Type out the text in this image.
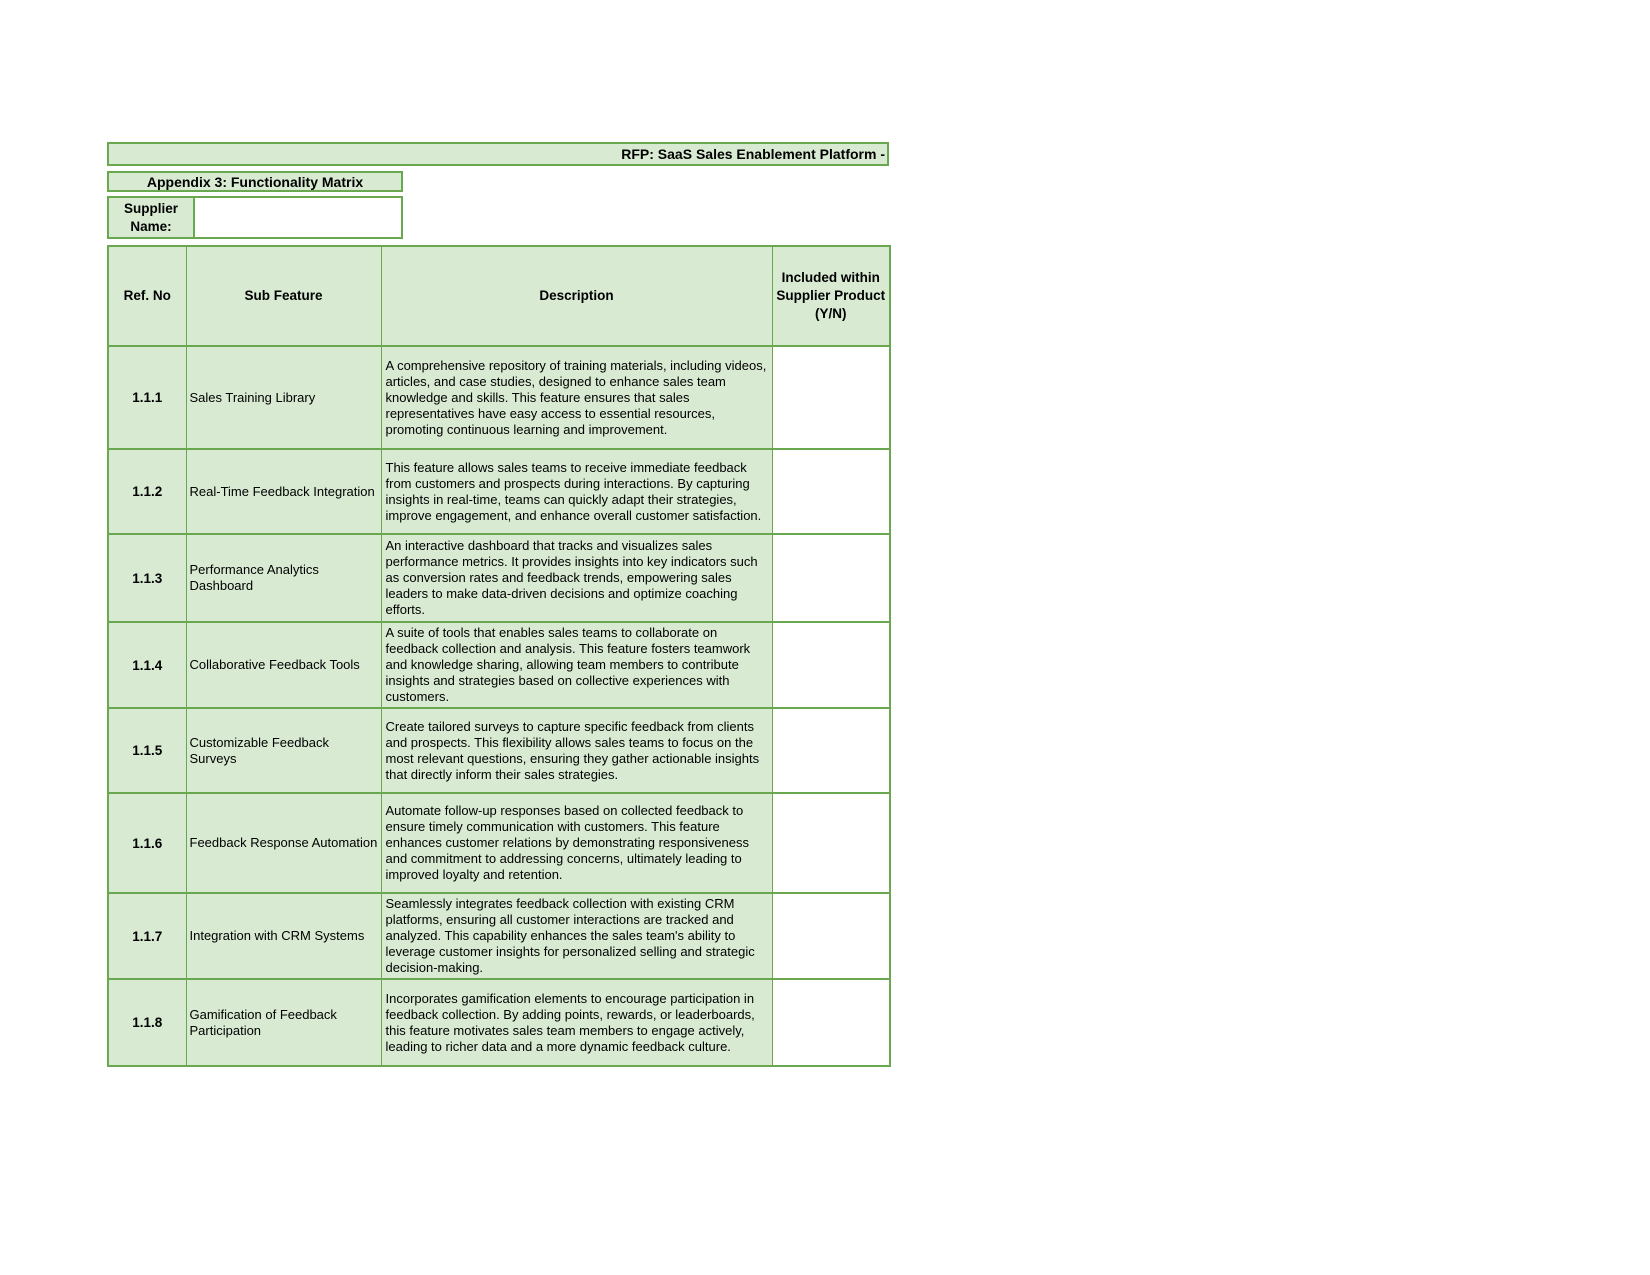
RFP: SaaS Sales Enablement Platform -
Appendix 3: Functionality Matrix
Supplier Name:
Ref. No	Sub Feature	Description	Included within Supplier Product (Y/N)
1.1.1	Sales Training Library	A comprehensive repository of training materials, including videos, articles, and case studies, designed to enhance sales team knowledge and skills. This feature ensures that sales representatives have easy access to essential resources, promoting continuous learning and improvement.	
1.1.2	Real-Time Feedback Integration	This feature allows sales teams to receive immediate feedback from customers and prospects during interactions. By capturing insights in real-time, teams can quickly adapt their strategies, improve engagement, and enhance overall customer satisfaction.	
1.1.3	Performance Analytics Dashboard	An interactive dashboard that tracks and visualizes sales performance metrics. It provides insights into key indicators such as conversion rates and feedback trends, empowering sales leaders to make data-driven decisions and optimize coaching efforts.	
1.1.4	Collaborative Feedback Tools	A suite of tools that enables sales teams to collaborate on feedback collection and analysis. This feature fosters teamwork and knowledge sharing, allowing team members to contribute insights and strategies based on collective experiences with customers.	
1.1.5	Customizable Feedback Surveys	Create tailored surveys to capture specific feedback from clients and prospects. This flexibility allows sales teams to focus on the most relevant questions, ensuring they gather actionable insights that directly inform their sales strategies.	
1.1.6	Feedback Response Automation	Automate follow-up responses based on collected feedback to ensure timely communication with customers. This feature enhances customer relations by demonstrating responsiveness and commitment to addressing concerns, ultimately leading to improved loyalty and retention.	
1.1.7	Integration with CRM Systems	Seamlessly integrates feedback collection with existing CRM platforms, ensuring all customer interactions are tracked and analyzed. This capability enhances the sales team's ability to leverage customer insights for personalized selling and strategic decision-making.	
1.1.8	Gamification of Feedback Participation	Incorporates gamification elements to encourage participation in feedback collection. By adding points, rewards, or leaderboards, this feature motivates sales team members to engage actively, leading to richer data and a more dynamic feedback culture.	
